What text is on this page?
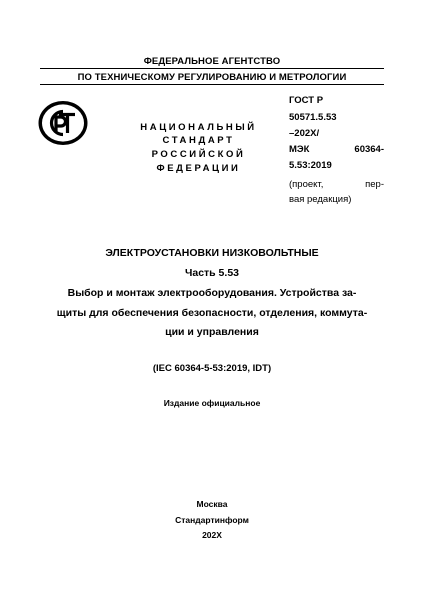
ФЕДЕРАЛЬНОЕ АГЕНТСТВО
ПО ТЕХНИЧЕСКОМУ РЕГУЛИРОВАНИЮ И МЕТРОЛОГИИ
НАЦИОНАЛЬНЫЙ
СТАНДАРТ
РОССИЙСКОЙ
ФЕДЕРАЦИИ
ГОСТ Р
50571.5.53
–202Х/
МЭК 60364-
5.53:2019
(проект, пер-
вая редакция)
ЭЛЕКТРОУСТАНОВКИ НИЗКОВОЛЬТНЫЕ
Часть 5.53
Выбор и монтаж электрооборудования. Устройства за-
щиты для обеспечения безопасности, отделения, коммута-
ции и управления
(IEC 60364-5-53:2019, IDT)
Издание официальное
Москва
Стандартинформ
202Х
